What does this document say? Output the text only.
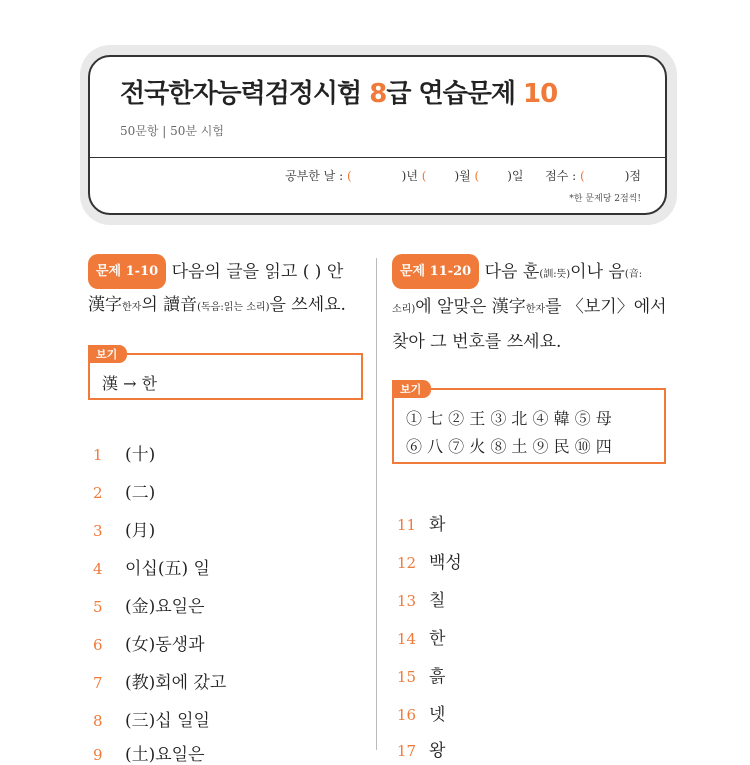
전국한자능력검정시험 8급 연습문제 10
50문항 | 50분 시험
공부한 날 : (	)년 ( )월 ( )일 점수 : (	)점
*한 문제당 2점씩!
문제 1-10 다음의 글을 읽고 ( ) 안
漢字한자의 讀音(독음:읽는 소리)을 쓰세요.
보기
漢 → 한
1 (十)
2 (二)
3 (月)
4 이십(五) 일
5 (金)요일은
6 (女)동생과
7 (教)회에 갔고
8 (三)십 일일
9 (土)요일은
문제 11-20 다음 훈(訓:뜻)이나 음(音:
소리)에 알맞은 漢字한자를 〈보기〉에서
찾아 그 번호를 쓰세요.
보기
① 七 ② 王 ③ 北 ④ 韓 ⑤ 母
⑥ 八 ⑦ 火 ⑧ 土 ⑨ 民 ⑩ 四
11 화
12 백성
13 칠
14 한
15 흙
16 넷
17 왕
